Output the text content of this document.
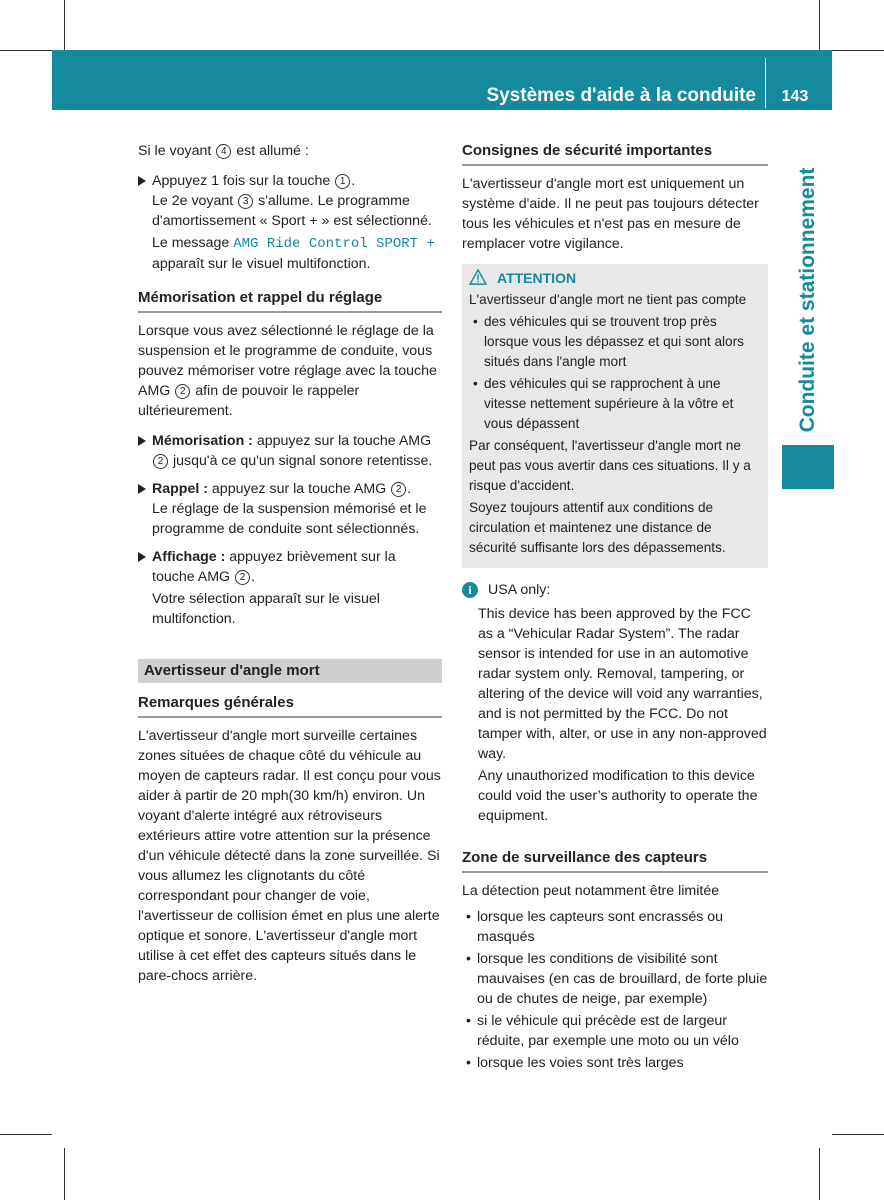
Systèmes d'aide à la conduite	143
Conduite et stationnement

Si le voyant 4 est allumé :

Appuyez 1 fois sur la touche 1 .
Le 2e voyant 3 s'allume. Le programme d'amortissement « Sport + » est sélectionné.
Le message AMG Ride Control SPORT + apparaît sur le visuel multifonction.
Mémorisation et rappel du réglage

Lorsque vous avez sélectionné le réglage de la suspension et le programme de conduite, vous pouvez mémoriser votre réglage avec la touche AMG 2 afin de pouvoir le rappeler ultérieurement.

Mémorisation : appuyez sur la touche AMG 2 jusqu'à ce qu'un signal sonore retentisse.
Rappel : appuyez sur la touche AMG 2 .
Le réglage de la suspension mémorisé et le programme de conduite sont sélectionnés.
Affichage : appuyez brièvement sur la touche AMG 2 .
Votre sélection apparaît sur le visuel multifonction.
Avertisseur d'angle mort
Remarques générales

L'avertisseur d'angle mort surveille certaines zones situées de chaque côté du véhicule au moyen de capteurs radar. Il est conçu pour vous aider à partir de 20 mph(30 km/h) environ. Un voyant d'alerte intégré aux rétroviseurs extérieurs attire votre attention sur la présence d'un véhicule détecté dans la zone surveillée. Si vous allumez les clignotants du côté correspondant pour changer de voie, l'avertisseur de collision émet en plus une alerte optique et sonore. L'avertisseur d'angle mort utilise à cet effet des capteurs situés dans le pare-chocs arrière.

Consignes de sécurité importantes

L'avertisseur d'angle mort est uniquement un système d'aide. Il ne peut pas toujours détecter tous les véhicules et n'est pas en mesure de remplacer votre vigilance.

ATTENTION

L'avertisseur d'angle mort ne tient pas compte

• des véhicules qui se trouvent trop près lorsque vous les dépassez et qui sont alors situés dans l'angle mort
• des véhicules qui se rapprochent à une vitesse nettement supérieure à la vôtre et vous dépassent

Par conséquent, l'avertisseur d'angle mort ne peut pas vous avertir dans ces situations. Il y a risque d'accident.

Soyez toujours attentif aux conditions de circulation et maintenez une distance de sécurité suffisante lors des dépassements.

i	USA only:

This device has been approved by the FCC as a “Vehicular Radar System”. The radar sensor is intended for use in an automotive radar system only. Removal, tampering, or altering of the device will void any warranties, and is not permitted by the FCC. Do not tamper with, alter, or use in any non-approved way.

Any unauthorized modification to this device could void the user’s authority to operate the equipment.

Zone de surveillance des capteurs

La détection peut notamment être limitée

• lorsque les capteurs sont encrassés ou masqués
• lorsque les conditions de visibilité sont mauvaises (en cas de brouillard, de forte pluie ou de chutes de neige, par exemple)
• si le véhicule qui précède est de largeur réduite, par exemple une moto ou un vélo
• lorsque les voies sont très larges
